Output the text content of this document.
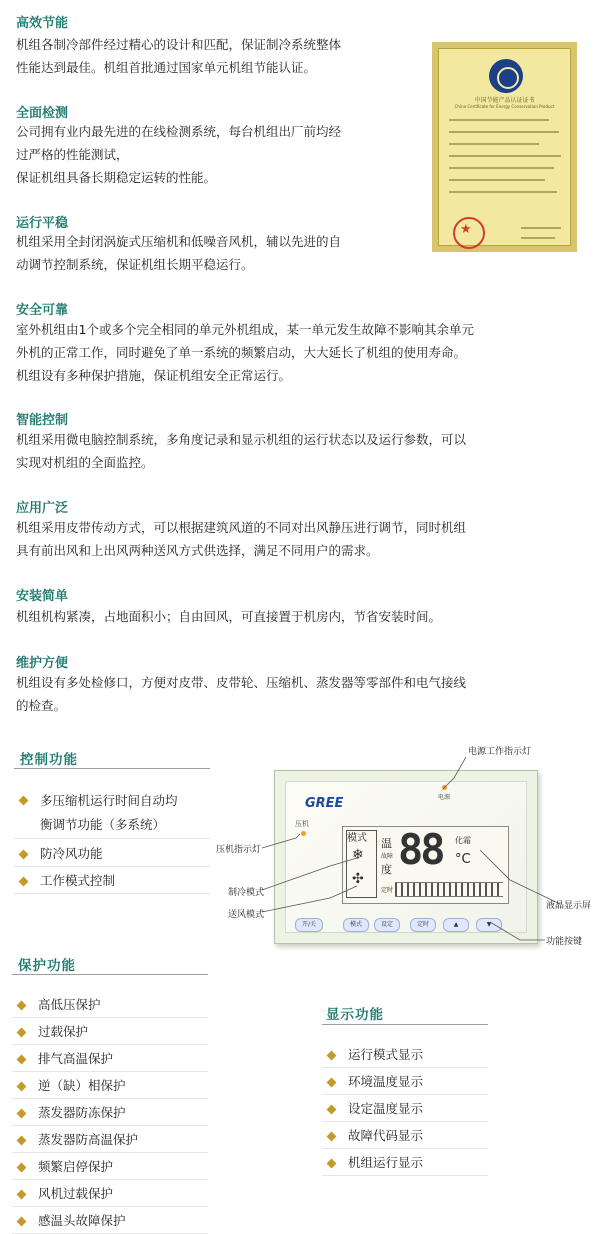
高效节能
机组各制冷部件经过精心的设计和匹配，保证制冷系统整体
性能达到最佳。机组首批通过国家单元机组节能认证。
全面检测
公司拥有业内最先进的在线检测系统，每台机组出厂前均经
过严格的性能测试，
保证机组具备长期稳定运转的性能。
运行平稳
机组采用全封闭涡旋式压缩机和低噪音风机，辅以先进的自
动调节控制系统，保证机组长期平稳运行。
安全可靠
室外机组由1个或多个完全相同的单元外机组成，某一单元发生故障不影响其余单元
外机的正常工作，同时避免了单一系统的频繁启动，大大延长了机组的使用寿命。
机组设有多种保护措施，保证机组安全正常运行。
智能控制
机组采用微电脑控制系统，多角度记录和显示机组的运行状态以及运行参数，可以
实现对机组的全面监控。
应用广泛
机组采用皮带传动方式，可以根据建筑风道的不同对出风静压进行调节，同时机组
具有前出风和上出风两种送风方式供选择，满足不同用户的需求。
安装简单
机组机构紧凑，占地面积小；自由回风，可直接置于机房内，节省安装时间。
维护方便
机组设有多处检修口，方便对皮带、皮带轮、压缩机、蒸发器等零部件和电气接线
的检查。
中国节能产品认证证书
China Certificate for Energy Conservation Product
★
控制功能
多压缩机运行时间自动均
衡调节功能（多系统）
防冷风功能
工作模式控制
电源
GREE
压机
模式
❄
✣
温
故障
度 88 化霜
°C
定时
开/关	模式	设定	定时	▲	▼
电源工作指示灯
压机指示灯
制冷模式
送风模式
液晶显示屏
功能按键
保护功能
高低压保护
过载保护
排气高温保护
逆（缺）相保护
蒸发器防冻保护
蒸发器防高温保护
频繁启停保护
风机过载保护
感温头故障保护
显示功能
运行模式显示
环境温度显示
设定温度显示
故障代码显示
机组运行显示
